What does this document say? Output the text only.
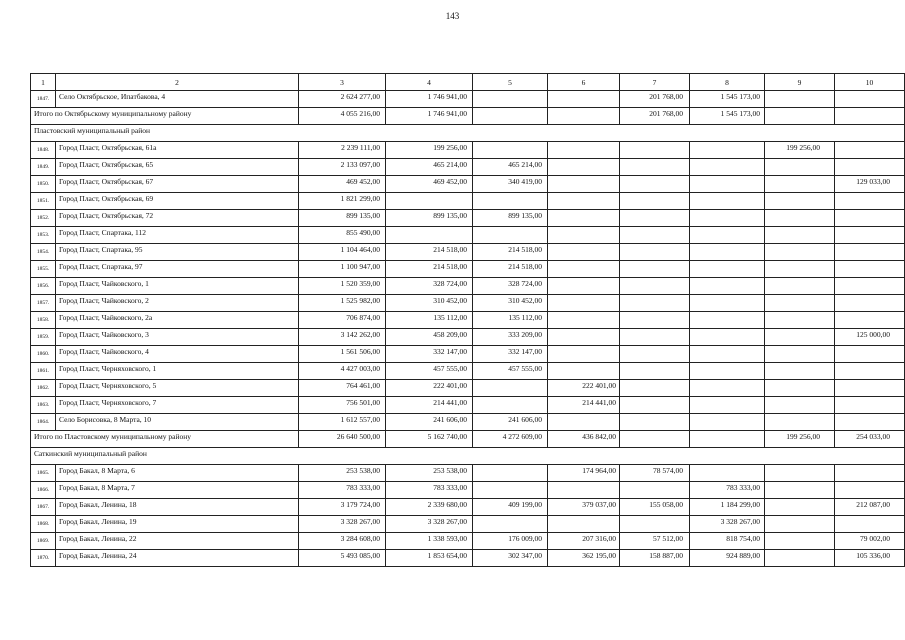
143
1	2	3	4	5	6	7	8	9	10
1847.	Село Октябрьское, Ипатбакова, 4	2 624 277,00	1 746 941,00			201 768,00	1 545 173,00		
Итого по Октябрьскому муниципальному району		4 055 216,00	1 746 941,00			201 768,00	1 545 173,00		
Пластовский муниципальный район									
1848.	Город Пласт, Октябрьская, 61а	2 239 111,00	199 256,00					199 256,00	
1849.	Город Пласт, Октябрьская, 65	2 133 097,00	465 214,00	465 214,00					
1850.	Город Пласт, Октябрьская, 67	469 452,00	469 452,00	340 419,00					129 033,00
1851.	Город Пласт, Октябрьская, 69	1 821 299,00							
1852.	Город Пласт, Октябрьская, 72	899 135,00	899 135,00	899 135,00					
1853.	Город Пласт, Спартака, 112	855 490,00							
1854.	Город Пласт, Спартака, 95	1 104 464,00	214 518,00	214 518,00					
1855.	Город Пласт, Спартака, 97	1 100 947,00	214 518,00	214 518,00					
1856.	Город Пласт, Чайковского, 1	1 520 359,00	328 724,00	328 724,00					
1857.	Город Пласт, Чайковского, 2	1 525 982,00	310 452,00	310 452,00					
1858.	Город Пласт, Чайковского, 2а	706 874,00	135 112,00	135 112,00					
1859.	Город Пласт, Чайковского, 3	3 142 262,00	458 209,00	333 209,00					125 000,00
1860.	Город Пласт, Чайковского, 4	1 561 506,00	332 147,00	332 147,00					
1861.	Город Пласт, Черняховского, 1	4 427 003,00	457 555,00	457 555,00					
1862.	Город Пласт, Черняховского, 5	764 461,00	222 401,00		222 401,00				
1863.	Город Пласт, Черняховского, 7	756 501,00	214 441,00		214 441,00				
1864.	Село Борисовка, 8 Марта, 10	1 612 557,00	241 606,00	241 606,00					
Итого по Пластовскому муниципальному району		26 640 500,00	5 162 740,00	4 272 609,00	436 842,00			199 256,00	254 033,00
Саткинский муниципальный район									
1865.	Город Бакал, 8 Марта, 6	253 538,00	253 538,00		174 964,00	78 574,00			
1866.	Город Бакал, 8 Марта, 7	783 333,00	783 333,00				783 333,00		
1867.	Город Бакал, Ленина, 18	3 179 724,00	2 339 680,00	409 199,00	379 037,00	155 058,00	1 184 299,00		212 087,00
1868.	Город Бакал, Ленина, 19	3 328 267,00	3 328 267,00				3 328 267,00		
1869.	Город Бакал, Ленина, 22	3 284 608,00	1 338 593,00	176 009,00	207 316,00	57 512,00	818 754,00		79 002,00
1870.	Город Бакал, Ленина, 24	5 493 085,00	1 853 654,00	302 347,00	362 195,00	158 887,00	924 889,00		105 336,00
